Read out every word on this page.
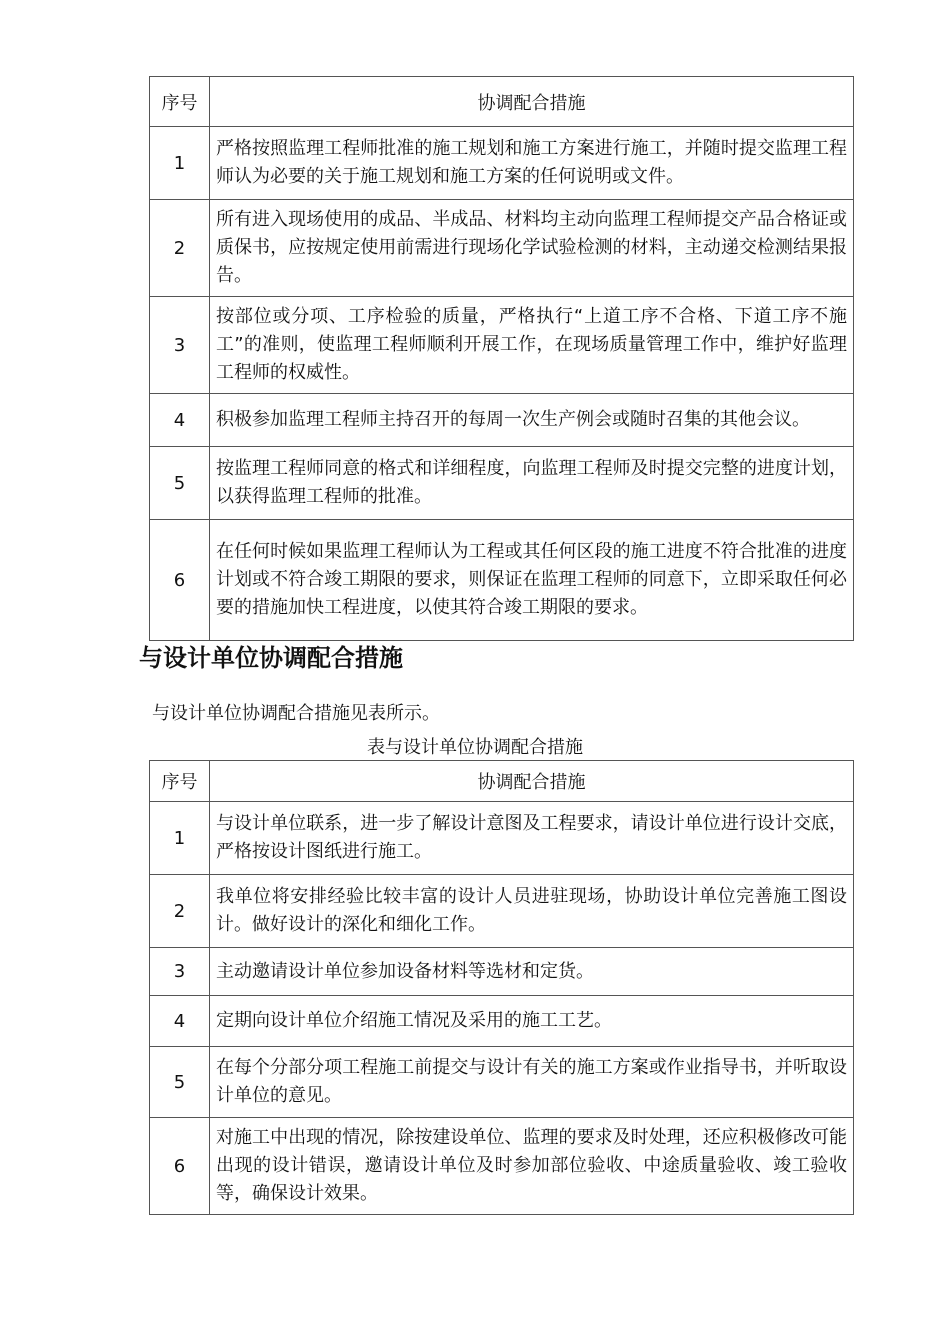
序号	协调配合措施
1	严格按照监理工程师批准的施工规划和施工方案进行施工，并随时提交监理工程师认为必要的关于施工规划和施工方案的任何说明或文件。
2	所有进入现场使用的成品、半成品、材料均主动向监理工程师提交产品合格证或质保书，应按规定使用前需进行现场化学试验检测的材料，主动递交检测结果报告。
3	按部位或分项、工序检验的质量，严格执行“上道工序不合格、下道工序不施工”的准则，使监理工程师顺利开展工作，在现场质量管理工作中，维护好监理工程师的权威性。
4	积极参加监理工程师主持召开的每周一次生产例会或随时召集的其他会议。
5	按监理工程师同意的格式和详细程度，向监理工程师及时提交完整的进度计划，以获得监理工程师的批准。
6	在任何时候如果监理工程师认为工程或其任何区段的施工进度不符合批准的进度计划或不符合竣工期限的要求，则保证在监理工程师的同意下，立即采取任何必要的措施加快工程进度，以使其符合竣工期限的要求。
与设计单位协调配合措施

与设计单位协调配合措施见表所示。

表与设计单位协调配合措施

序号	协调配合措施
1	与设计单位联系，进一步了解设计意图及工程要求，请设计单位进行设计交底，严格按设计图纸进行施工。
2	我单位将安排经验比较丰富的设计人员进驻现场，协助设计单位完善施工图设计。做好设计的深化和细化工作。
3	主动邀请设计单位参加设备材料等选材和定货。
4	定期向设计单位介绍施工情况及采用的施工工艺。
5	在每个分部分项工程施工前提交与设计有关的施工方案或作业指导书，并听取设计单位的意见。
6	对施工中出现的情况，除按建设单位、监理的要求及时处理，还应积极修改可能出现的设计错误，邀请设计单位及时参加部位验收、中途质量验收、竣工验收等，确保设计效果。
